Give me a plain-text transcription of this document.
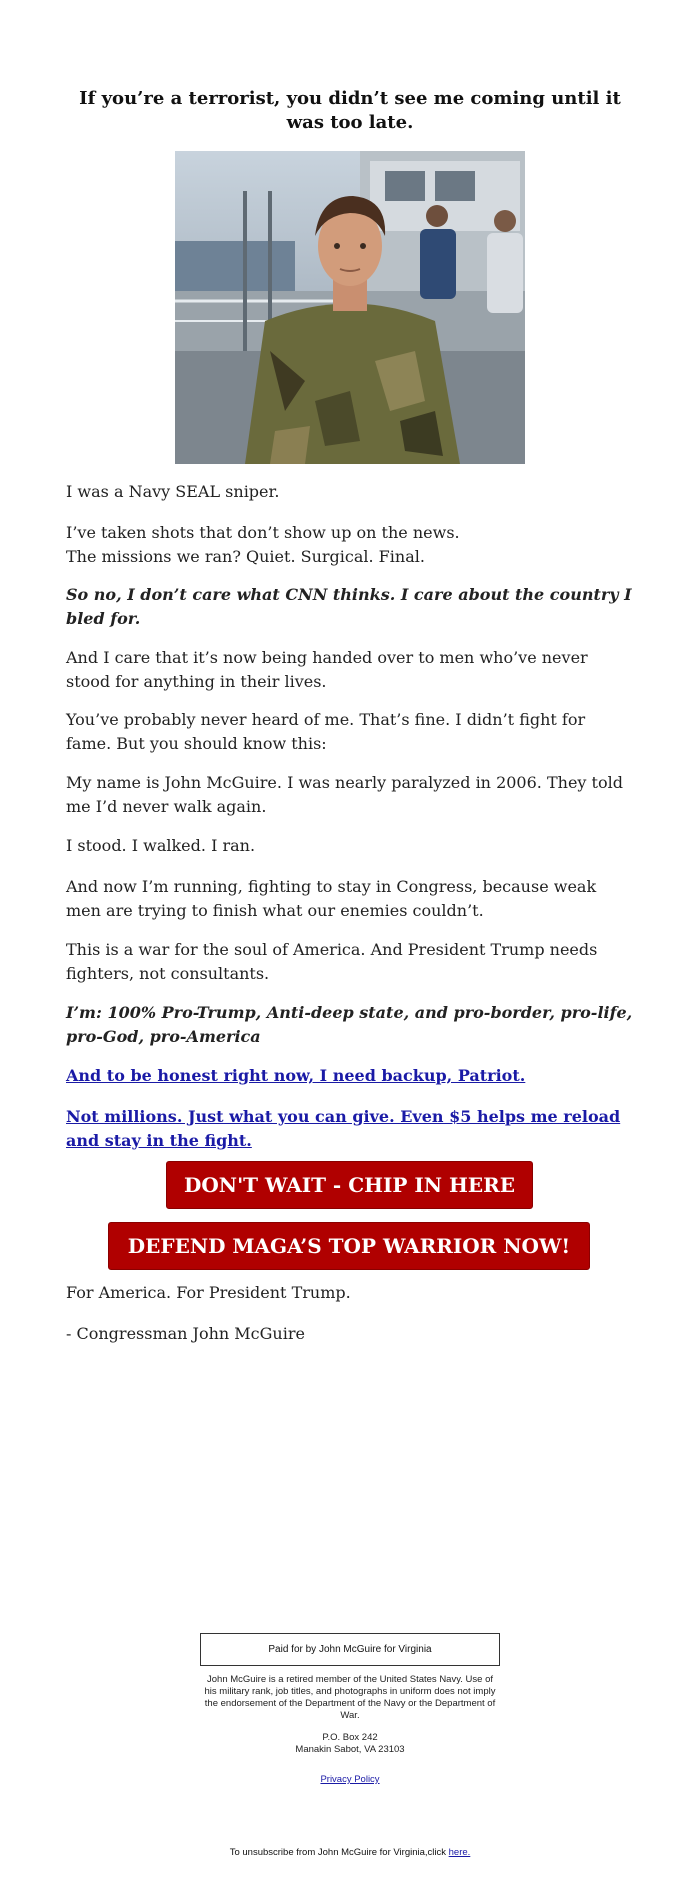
If you’re a terrorist, you didn’t see me coming until it was too late.

I was a Navy SEAL sniper.

I’ve taken shots that don’t show up on the news.
The missions we ran? Quiet. Surgical. Final.

So no, I don’t care what CNN thinks. I care about the country I bled for.

And I care that it’s now being handed over to men who’ve never stood for anything in their lives.

You’ve probably never heard of me. That’s fine. I didn’t fight for fame. But you should know this:

My name is John McGuire. I was nearly paralyzed in 2006. They told me I’d never walk again.

I stood. I walked. I ran.

And now I’m running, fighting to stay in Congress, because weak men are trying to finish what our enemies couldn’t.

This is a war for the soul of America. And President Trump needs fighters, not consultants.

I’m: 100% Pro-Trump, Anti-deep state, and pro-border, pro-life, pro-God, pro-America

And to be honest right now, I need backup, Patriot.

Not millions. Just what you can give. Even $5 helps me reload and stay in the fight.

DON'T WAIT - CHIP IN HERE
DEFEND MAGA’S TOP WARRIOR NOW!

For America. For President Trump.

- Congressman John McGuire

Paid for by John McGuire for Virginia
John McGuire is a retired member of the United States Navy. Use of his military rank, job titles, and photographs in uniform does not imply the endorsement of the Department of the Navy or the Department of War.
P.O. Box 242
Manakin Sabot, VA 23103
Privacy Policy
To unsubscribe from John McGuire for Virginia,click here.
